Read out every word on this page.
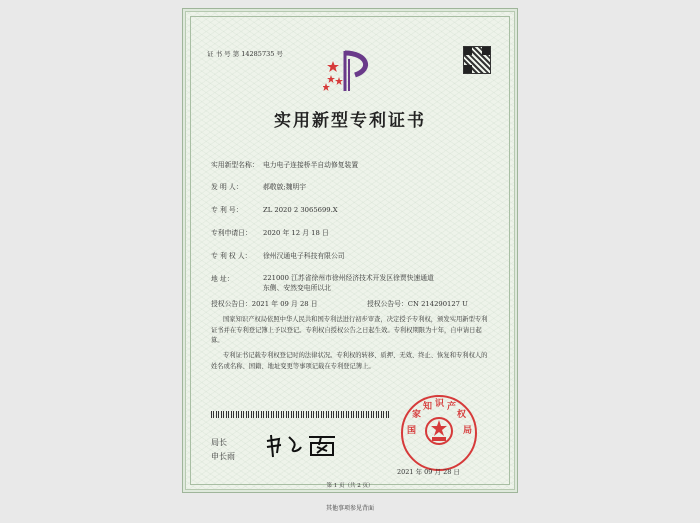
证 书 号 第 14285735 号
实用新型专利证书
实用新型名称： 电力电子连接桥半自动修复装置
发 明 人：	郝敬啟;魏明宇
专 利 号：	ZL 2020 2 3065699.X
专利申请日： 2020 年 12 月 18 日
专 利 权 人： 徐州汉通电子科技有限公司
地 址：	221000 江苏省徐州市徐州经济技术开发区徐贾快速通道东侧、安然变电所以北
授权公告日：2021 年 09 月 28 日	授权公告号：CN 214290127 U
国家知识产权局依照中华人民共和国专利法进行初步审查，决定授予专利权，颁发实用新型专利证书并在专利登记簿上予以登记。专利权自授权公告之日起生效。专利权期限为十年，自申请日起算。
专利证书记载专利权登记时的法律状况。专利权的转移、质押、无效、终止、恢复和专利权人的姓名或名称、国籍、地址变更等事项记载在专利登记簿上。
局长
申长雨
国
家
知 识 产
权
局
2021 年 09 月 28 日
第 1 页（共 2 页）
其他事项参见背面
